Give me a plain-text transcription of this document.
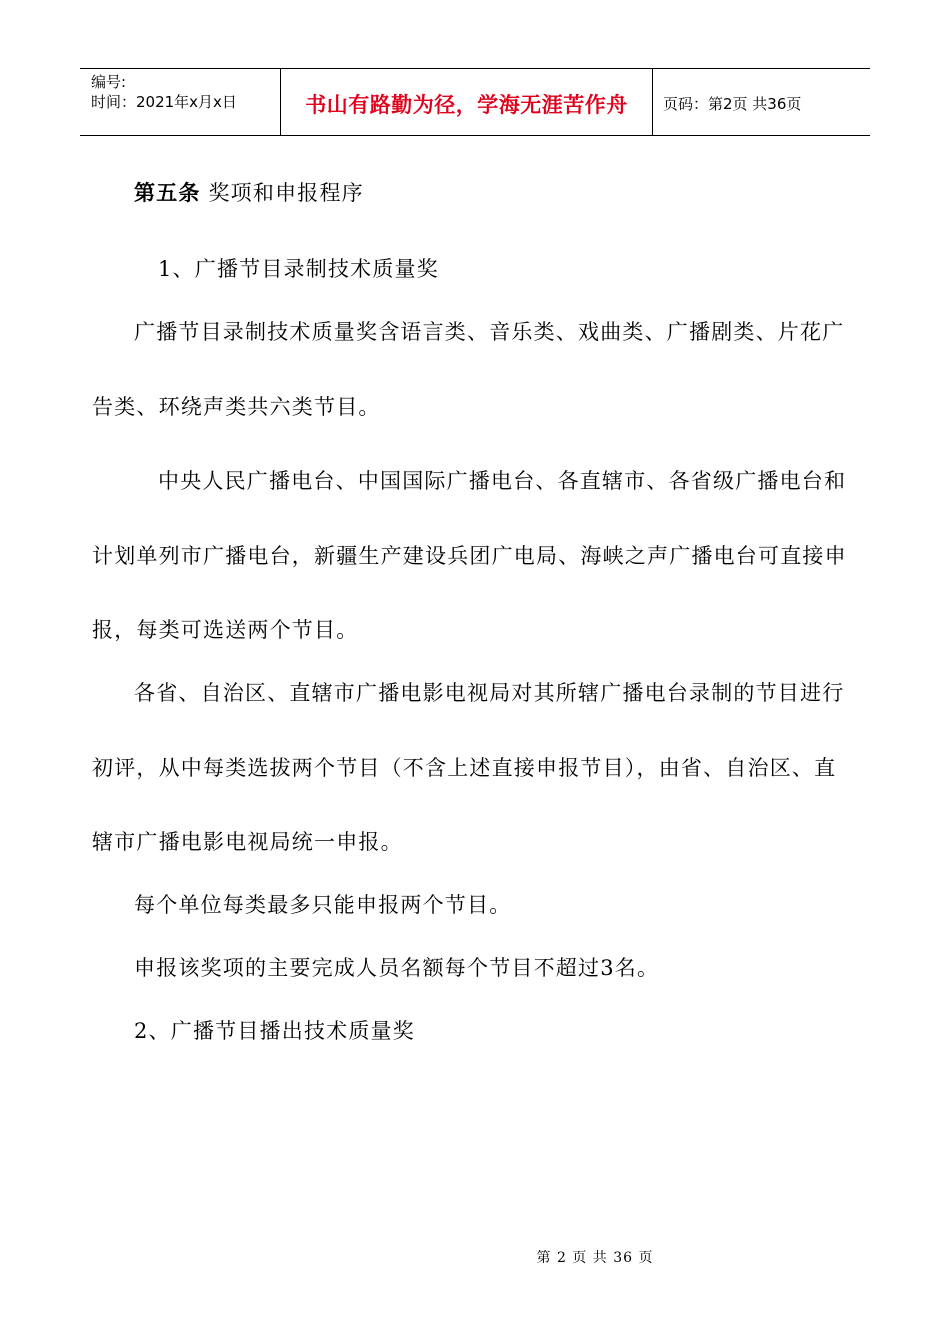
编号:
时间：2021年x月x日	书山有路勤为径，学海无涯苦作舟 页码：第2页 共36页
第五条 奖项和申报程序
1、广播节目录制技术质量奖
广播节目录制技术质量奖含语言类、音乐类、戏曲类、广播剧类、片花广
告类、环绕声类共六类节目。
中央人民广播电台、中国国际广播电台、各直辖市、各省级广播电台和
计划单列市广播电台，新疆生产建设兵团广电局、海峡之声广播电台可直接申
报，每类可选送两个节目。
各省、自治区、直辖市广播电影电视局对其所辖广播电台录制的节目进行
初评，从中每类选拔两个节目（不含上述直接申报节目），由省、自治区、直
辖市广播电影电视局统一申报。
每个单位每类最多只能申报两个节目。
申报该奖项的主要完成人员名额每个节目不超过3名。
2、广播节目播出技术质量奖
第 2 页 共 36 页
